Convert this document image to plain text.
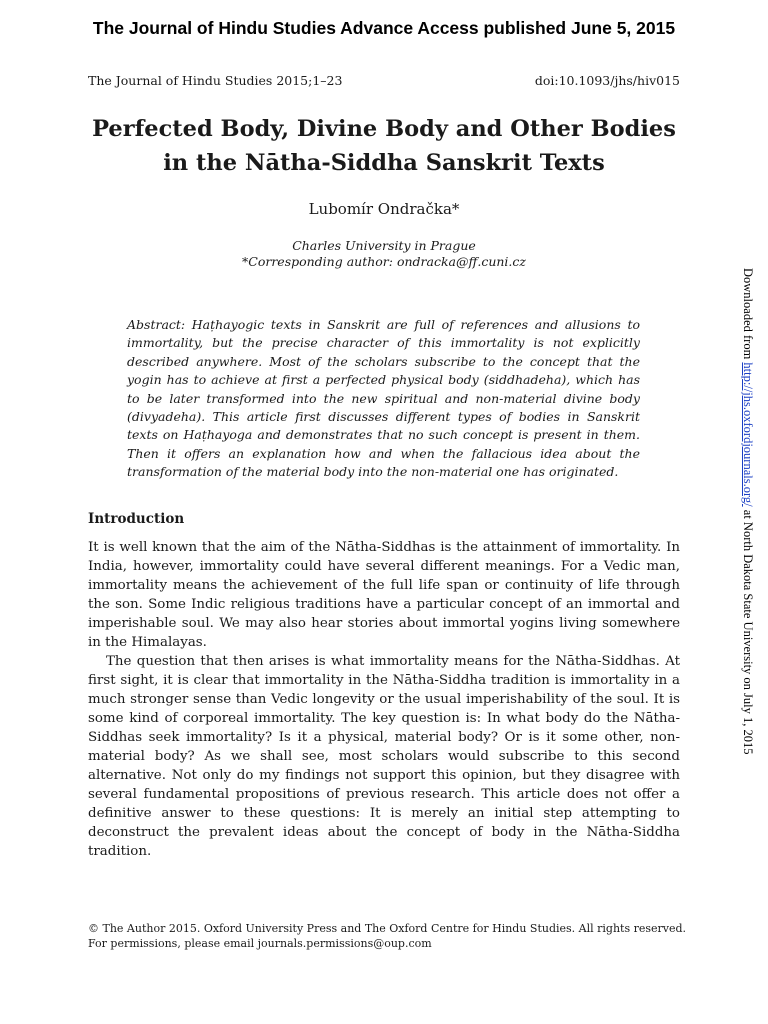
The Journal of Hindu Studies Advance Access published June 5, 2015
The Journal of Hindu Studies 2015;1–23	doi:10.1093/jhs/hiv015
Perfected Body, Divine Body and Other Bodies
in the Nātha-Siddha Sanskrit Texts
Lubomír Ondračka*
Charles University in Prague
*Corresponding author: ondracka@ff.cuni.cz
Abstract: Haṭhayogic texts in Sanskrit are full of references and allusions to immortality, but the precise character of this immortality is not explicitly described anywhere. Most of the scholars subscribe to the concept that the yogin has to achieve at first a perfected physical body (siddhadeha), which has to be later transformed into the new spiritual and non-material divine body (divyadeha). This article first discusses different types of bodies in Sanskrit texts on Haṭhayoga and demonstrates that no such concept is present in them. Then it offers an explanation how and when the fallacious idea about the transformation of the material body into the non-material one has originated.
Introduction

It is well known that the aim of the Nātha-Siddhas is the attainment of immortality. In India, however, immortality could have several different meanings. For a Vedic man, immortality means the achievement of the full life span or continuity of life through the son. Some Indic religious traditions have a particular concept of an immortal and imperishable soul. We may also hear stories about immortal yogins living somewhere in the Himalayas.

The question that then arises is what immortality means for the Nātha-Siddhas. At first sight, it is clear that immortality in the Nātha-Siddha tradition is immortality in a much stronger sense than Vedic longevity or the usual imperishability of the soul. It is some kind of corporeal immortality. The key question is: In what body do the Nātha-Siddhas seek immortality? Is it a physical, material body? Or is it some other, non-material body? As we shall see, most scholars would subscribe to this second alternative. Not only do my findings not support this opinion, but they disagree with several fundamental propositions of previous research. This article does not offer a definitive answer to these questions: It is merely an initial step attempting to deconstruct the prevalent ideas about the concept of body in the Nātha-Siddha tradition.

© The Author 2015. Oxford University Press and The Oxford Centre for Hindu Studies. All rights reserved.
For permissions, please email journals.permissions@oup.com
Downloaded from http://jhs.oxfordjournals.org/ at North Dakota State University on July 1, 2015
